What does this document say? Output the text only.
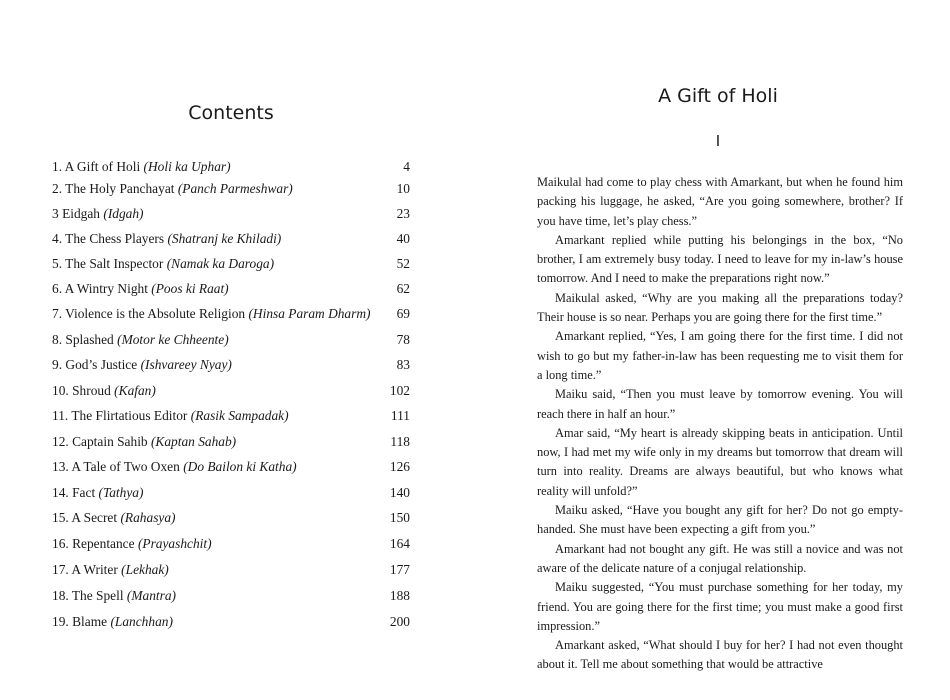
Contents
1. A Gift of Holi (Holi ka Uphar)	4
2. The Holy Panchayat (Panch Parmeshwar)	10
3 Eidgah (Idgah)	23
4. The Chess Players (Shatranj ke Khiladi)	40
5. The Salt Inspector (Namak ka Daroga)	52
6. A Wintry Night (Poos ki Raat)	62
7. Violence is the Absolute Religion (Hinsa Param Dharm) 69
8. Splashed (Motor ke Chheente)	78
9. God’s Justice (Ishvareey Nyay)	83
10. Shroud (Kafan)	102
11. The Flirtatious Editor (Rasik Sampadak)	111
12. Captain Sahib (Kaptan Sahab)	118
13. A Tale of Two Oxen (Do Bailon ki Katha)	126
14. Fact (Tathya)	140
15. A Secret (Rahasya)	150
16. Repentance (Prayashchit)	164
17. A Writer (Lekhak)	177
18. The Spell (Mantra)	188
19. Blame (Lanchhan)	200
A Gift of Holi
I

Maikulal had come to play chess with Amarkant, but when he found him packing his luggage, he asked, “Are you going somewhere, brother? If you have time, let’s play chess.”

Amarkant replied while putting his belongings in the box, “No brother, I am extremely busy today. I need to leave for my in-law’s house tomorrow. And I need to make the preparations right now.”

Maikulal asked, “Why are you making all the preparations today? Their house is so near. Perhaps you are going there for the first time.”

Amarkant replied, “Yes, I am going there for the first time. I did not wish to go but my father-in-law has been requesting me to visit them for a long time.”

Maiku said, “Then you must leave by tomorrow evening. You will reach there in half an hour.”

Amar said, “My heart is already skipping beats in anticipation. Until now, I had met my wife only in my dreams but tomorrow that dream will turn into reality. Dreams are always beautiful, but who knows what reality will unfold?”

Maiku asked, “Have you bought any gift for her? Do not go empty-handed. She must have been expecting a gift from you.”

Amarkant had not bought any gift. He was still a novice and was not aware of the delicate nature of a conjugal relationship.

Maiku suggested, “You must purchase something for her today, my friend. You are going there for the first time; you must make a good first impression.”

Amarkant asked, “What should I buy for her? I had not even thought about it. Tell me about something that would be attractive
